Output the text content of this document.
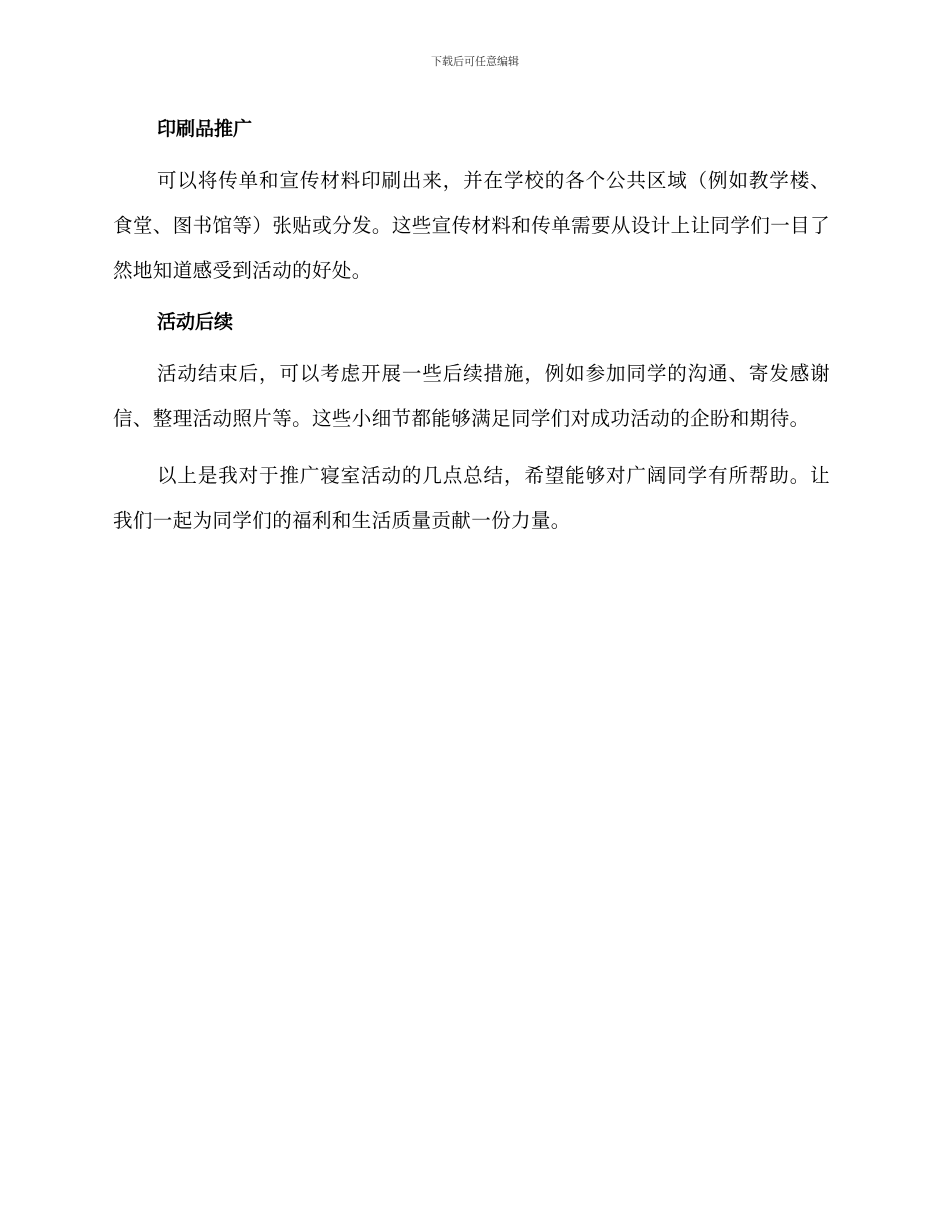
下载后可任意编辑
印刷品推广

可以将传单和宣传材料印刷出来，并在学校的各个公共区域（例如教学楼、食堂、图书馆等）张贴或分发。这些宣传材料和传单需要从设计上让同学们一目了然地知道感受到活动的好处。

活动后续

活动结束后，可以考虑开展一些后续措施，例如参加同学的沟通、寄发感谢信、整理活动照片等。这些小细节都能够满足同学们对成功活动的企盼和期待。

以上是我对于推广寝室活动的几点总结，希望能够对广阔同学有所帮助。让我们一起为同学们的福利和生活质量贡献一份力量。
